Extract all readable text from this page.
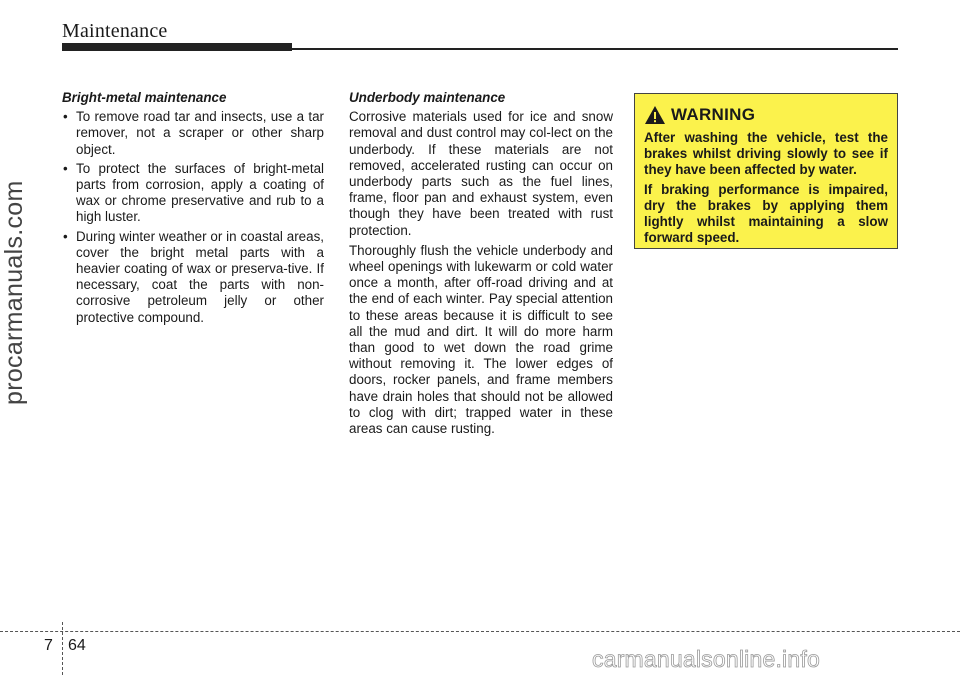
Maintenance
procarmanuals.com
Bright-metal maintenance
• To remove road tar and insects, use a tar remover, not a scraper or other sharp object.
• To protect the surfaces of bright-metal parts from corrosion, apply a coating of wax or chrome preservative and rub to a high luster.
• During winter weather or in coastal areas, cover the bright metal parts with a heavier coating of wax or preserva-tive. If necessary, coat the parts with non-corrosive petroleum jelly or other protective compound.
Underbody maintenance

Corrosive materials used for ice and snow removal and dust control may col-lect on the underbody. If these materials are not removed, accelerated rusting can occur on underbody parts such as the fuel lines, frame, floor pan and exhaust system, even though they have been treated with rust protection.

Thoroughly flush the vehicle underbody and wheel openings with lukewarm or cold water once a month, after off-road driving and at the end of each winter. Pay special attention to these areas because it is difficult to see all the mud and dirt. It will do more harm than good to wet down the road grime without removing it. The lower edges of doors, rocker panels, and frame members have drain holes that should not be allowed to clog with dirt; trapped water in these areas can cause rusting.

WARNING

After washing the vehicle, test the brakes whilst driving slowly to see if they have been affected by water.

If braking performance is impaired, dry the brakes by applying them lightly whilst maintaining a slow forward speed.

7 64
carmanualsonline.info
